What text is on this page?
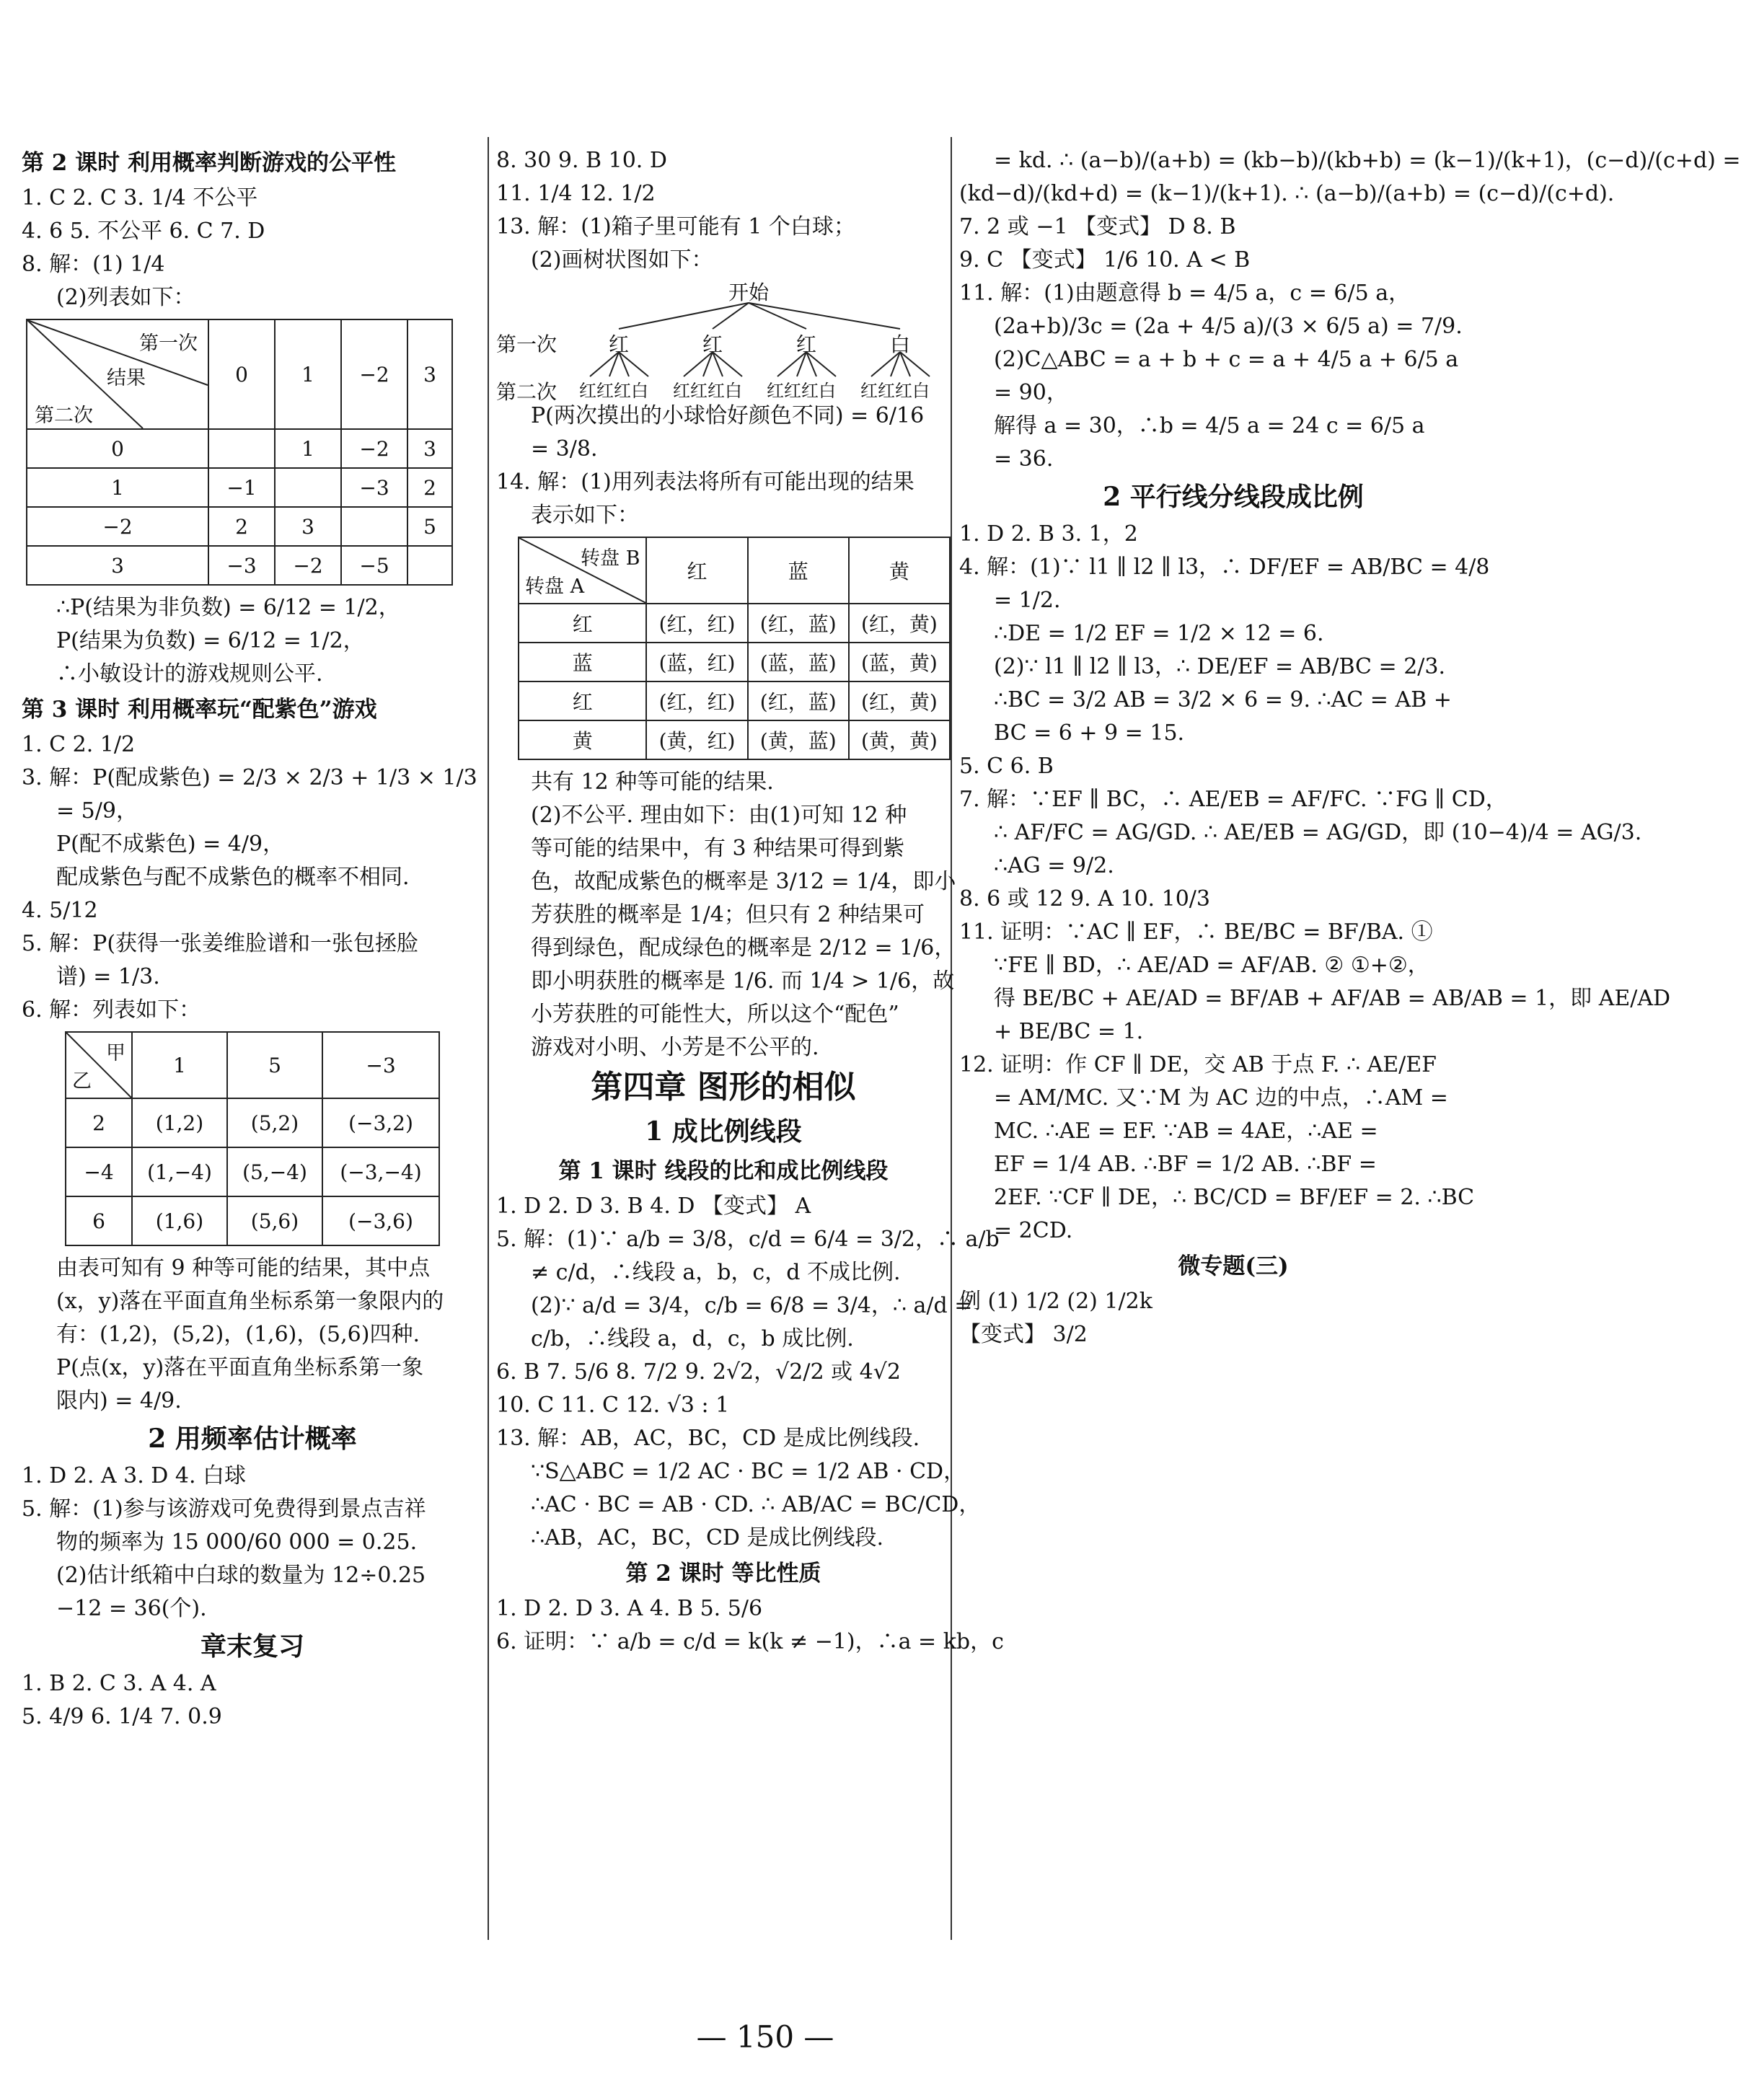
第 2 课时 利用概率判断游戏的公平性
1. C 2. C 3. 1/4 不公平
4. 6 5. 不公平 6. C 7. D
8. 解：(1) 1/4
(2)列表如下：
第一次
结果
第二次	0	1	−2	3
0		1	−2	3
1	−1		−3	2
−2	2	3		5
3	−3	−2	−5	
∴P(结果为非负数) = 6/12 = 1/2，
P(结果为负数) = 6/12 = 1/2，
∴小敏设计的游戏规则公平.
第 3 课时 利用概率玩“配紫色”游戏
1. C 2. 1/2
3. 解：P(配成紫色) = 2/3 × 2/3 + 1/3 × 1/3
= 5/9，
P(配不成紫色) = 4/9，
配成紫色与配不成紫色的概率不相同.
4. 5/12
5. 解：P(获得一张姜维脸谱和一张包拯脸
谱) = 1/3.
6. 解：列表如下：
甲
乙	1	5	−3
2	(1,2)	(5,2)	(−3,2)
−4	(1,−4)	(5,−4)	(−3,−4)
6	(1,6)	(5,6)	(−3,6)
由表可知有 9 种等可能的结果，其中点
(x，y)落在平面直角坐标系第一象限内的
有：(1,2)，(5,2)，(1,6)，(5,6)四种.
P(点(x，y)落在平面直角坐标系第一象
限内) = 4/9.
2 用频率估计概率
1. D 2. A 3. D 4. 白球
5. 解：(1)参与该游戏可免费得到景点吉祥
物的频率为 15 000/60 000 = 0.25.
(2)估计纸箱中白球的数量为 12÷0.25
−12 = 36(个).
章末复习
1. B 2. C 3. A 4. A
5. 4/9 6. 1/4 7. 0.9
8. 30 9. B 10. D
11. 1/4 12. 1/2
13. 解：(1)箱子里可能有 1 个白球；
(2)画树状图如下：
开始
第一次	红	红	红	白
第二次 红红红白 红红红白 红红红白 红红红白
P(两次摸出的小球恰好颜色不同) = 6/16
= 3/8.
14. 解：(1)用列表法将所有可能出现的结果
表示如下：
转盘 B
转盘 A	红	蓝	黄
红	(红，红)	(红，蓝)	(红，黄)
蓝	(蓝，红)	(蓝，蓝)	(蓝，黄)
红	(红，红)	(红，蓝)	(红，黄)
黄	(黄，红)	(黄，蓝)	(黄，黄)
共有 12 种等可能的结果.
(2)不公平. 理由如下：由(1)可知 12 种
等可能的结果中，有 3 种结果可得到紫
色，故配成紫色的概率是 3/12 = 1/4，即小
芳获胜的概率是 1/4；但只有 2 种结果可
得到绿色，配成绿色的概率是 2/12 = 1/6，
即小明获胜的概率是 1/6. 而 1/4 > 1/6，故
小芳获胜的可能性大，所以这个“配色”
游戏对小明、小芳是不公平的.
第四章 图形的相似
1 成比例线段
第 1 课时 线段的比和成比例线段
1. D 2. D 3. B 4. D 【变式】 A
5. 解：(1)∵ a/b = 3/8，c/d = 6/4 = 3/2，∴ a/b
≠ c/d，∴线段 a，b，c，d 不成比例.
(2)∵ a/d = 3/4，c/b = 6/8 = 3/4，∴ a/d =
c/b，∴线段 a，d，c，b 成比例.
6. B 7. 5/6 8. 7/2 9. 2√2，√2/2 或 4√2
10. C 11. C 12. √3 : 1
13. 解：AB，AC，BC，CD 是成比例线段.
∵S△ABC = 1/2 AC · BC = 1/2 AB · CD，
∴AC · BC = AB · CD. ∴ AB/AC = BC/CD，
∴AB，AC，BC，CD 是成比例线段.
第 2 课时 等比性质
1. D 2. D 3. A 4. B 5. 5/6
6. 证明：∵ a/b = c/d = k(k ≠ −1)，∴a = kb，c
= kd. ∴ (a−b)/(a+b) = (kb−b)/(kb+b) = (k−1)/(k+1)，(c−d)/(c+d) =
(kd−d)/(kd+d) = (k−1)/(k+1). ∴ (a−b)/(a+b) = (c−d)/(c+d).
7. 2 或 −1 【变式】 D 8. B
9. C 【变式】 1/6 10. A < B
11. 解：(1)由题意得 b = 4/5 a，c = 6/5 a，
(2a+b)/3c = (2a + 4/5 a)/(3 × 6/5 a) = 7/9.
(2)C△ABC = a + b + c = a + 4/5 a + 6/5 a
= 90，
解得 a = 30，∴b = 4/5 a = 24 c = 6/5 a
= 36.
2 平行线分线段成比例
1. D 2. B 3. 1，2
4. 解：(1)∵ l1 ∥ l2 ∥ l3，∴ DF/EF = AB/BC = 4/8
= 1/2.
∴DE = 1/2 EF = 1/2 × 12 = 6.
(2)∵ l1 ∥ l2 ∥ l3，∴ DE/EF = AB/BC = 2/3.
∴BC = 3/2 AB = 3/2 × 6 = 9. ∴AC = AB +
BC = 6 + 9 = 15.
5. C 6. B
7. 解：∵EF ∥ BC，∴ AE/EB = AF/FC. ∵FG ∥ CD，
∴ AF/FC = AG/GD. ∴ AE/EB = AG/GD，即 (10−4)/4 = AG/3.
∴AG = 9/2.
8. 6 或 12 9. A 10. 10/3
11. 证明：∵AC ∥ EF，∴ BE/BC = BF/BA. ①
∵FE ∥ BD，∴ AE/AD = AF/AB. ② ①+②，
得 BE/BC + AE/AD = BF/AB + AF/AB = AB/AB = 1，即 AE/AD
+ BE/BC = 1.
12. 证明：作 CF ∥ DE，交 AB 于点 F. ∴ AE/EF
= AM/MC. 又∵M 为 AC 边的中点，∴AM =
MC. ∴AE = EF. ∵AB = 4AE，∴AE =
EF = 1/4 AB. ∴BF = 1/2 AB. ∴BF =
2EF. ∵CF ∥ DE，∴ BC/CD = BF/EF = 2. ∴BC
= 2CD.
微专题(三)
例 (1) 1/2 (2) 1/2k
【变式】 3/2
— 150 —
